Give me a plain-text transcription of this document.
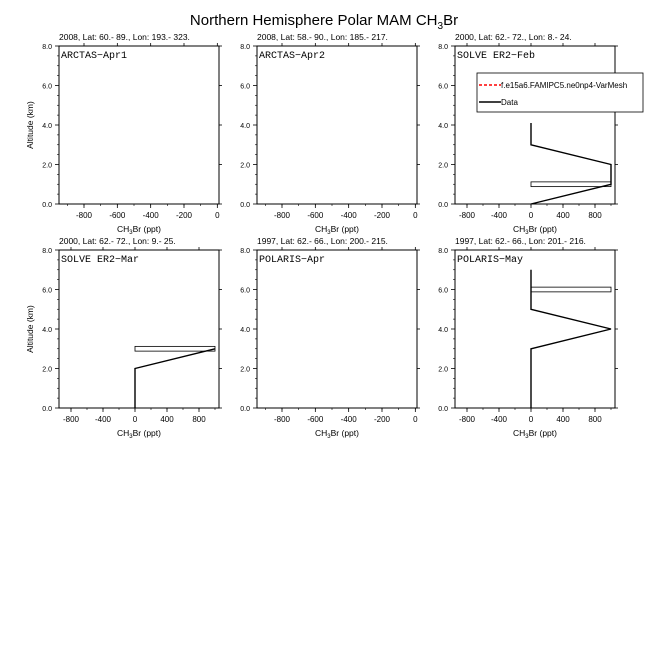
Northern Hemisphere Polar MAM $CH_3Br$
2008, Lat: 60.- 89., Lon: 193.- 323.
-800 -600 -400 -200	0
0.0
2.0
4.0
6.0
8.0
$CH_3Br$ (ppt)
Altitude (km)
ARCTAS−Apr1
2008, Lat: 58.- 90., Lon: 185.- 217.
-800 -600 -400 -200	0
0.0
2.0
4.0
6.0
8.0
$CH_3Br$ (ppt)
ARCTAS−Apr2
2000, Lat: 62.- 72., Lon: 8.- 24.
-800 -400	0	400 800
0.0
2.0
4.0
6.0
8.0
$CH_3Br$ (ppt)
SOLVE ER2−Feb
f.e15a6.FAMIPC5.ne0np4-VarMesh
Data
2000, Lat: 62.- 72., Lon: 9.- 25.
-800 -400	0	400 800
0.0
2.0
4.0
6.0
8.0
$CH_3Br$ (ppt)
Altitude (km)
SOLVE ER2−Mar
1997, Lat: 62.- 66., Lon: 200.- 215.
-800 -600 -400 -200	0
0.0
2.0
4.0
6.0
8.0
$CH_3Br$ (ppt)
POLARIS−Apr
1997, Lat: 62.- 66., Lon: 201.- 216.
-800 -400	0	400 800
0.0
2.0
4.0
6.0
8.0
$CH_3Br$ (ppt)
POLARIS−May
